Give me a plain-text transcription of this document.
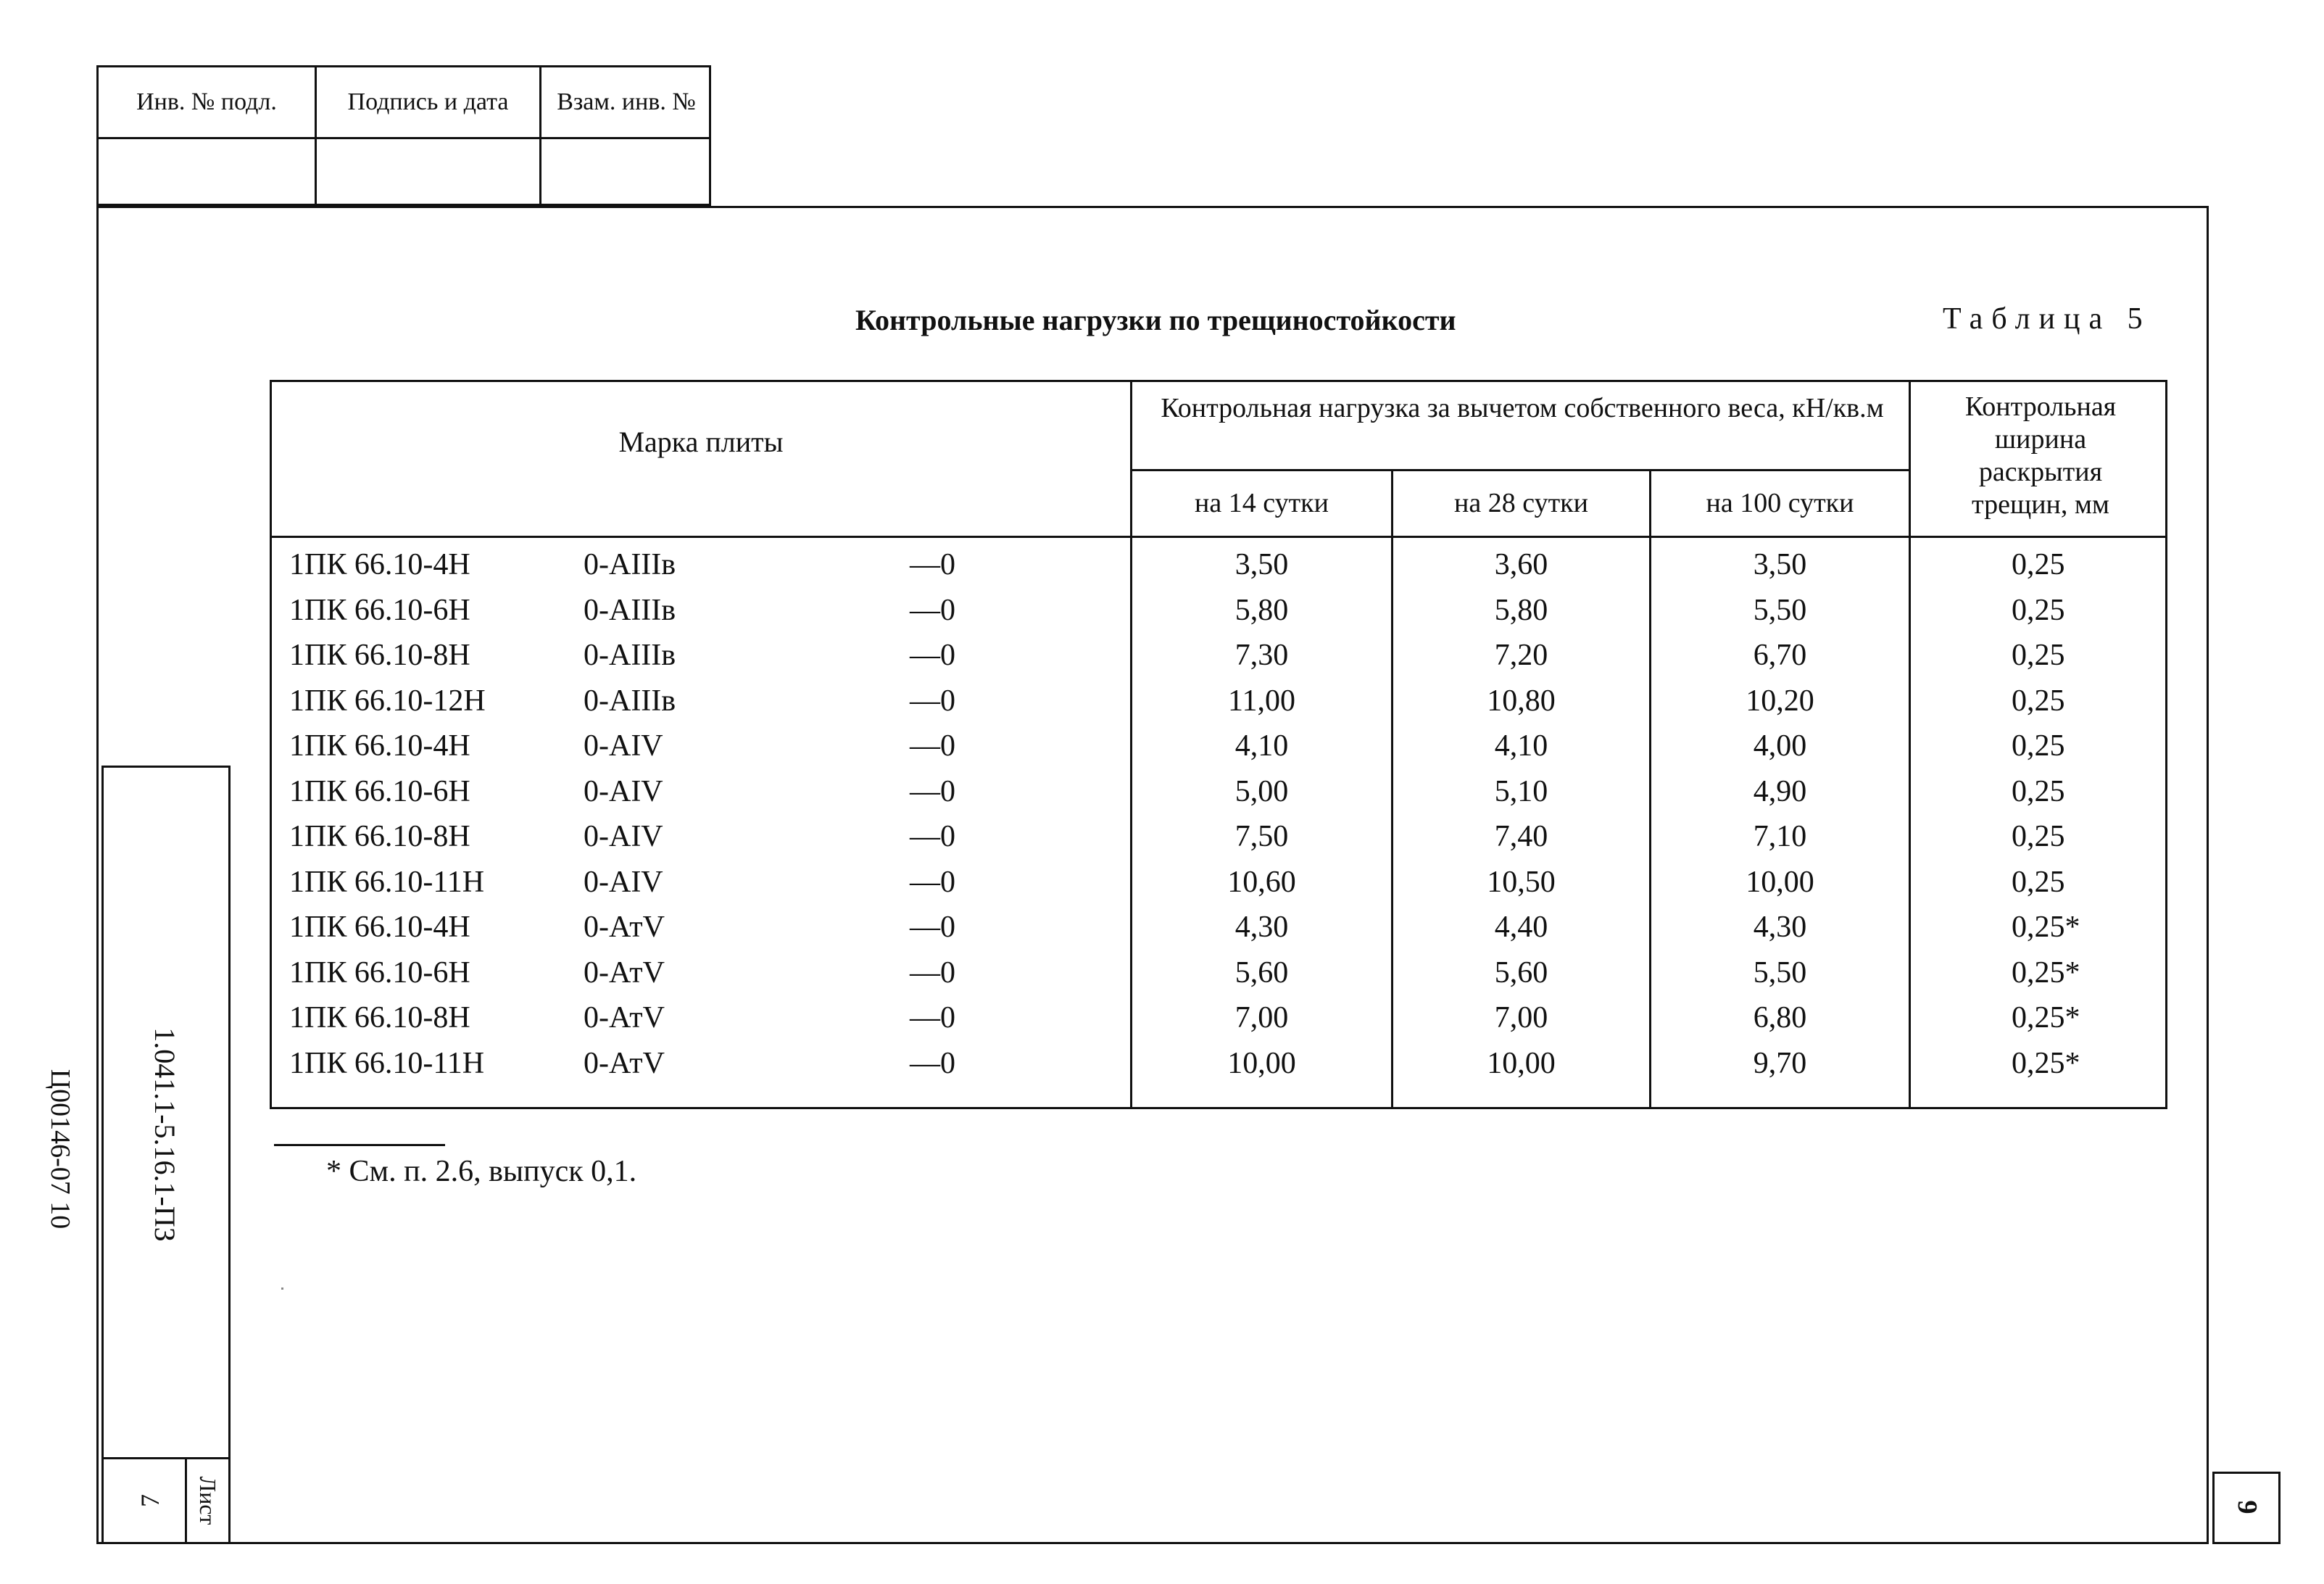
Инв. № подл.	Подпись и дата	Взам. инв. №
1.041.1-5.16.1-ПЗ
Ц00146-07 10
Лист
7	9
Контрольные нагрузки по трещиностойкости	Таблица 5
Марка плиты
Контрольная нагрузка за вычетом собственного веса, кН/кв.м
на 14 сутки	на 28 сутки	на 100 сутки
Контрольная ширина раскрытия трещин, мм
1ПК 66.10-4Н	0-АIIIв	—0	3,50	3,60	3,50	0,25
1ПК 66.10-6Н	0-АIIIв	—0	5,80	5,80	5,50	0,25
1ПК 66.10-8Н	0-АIIIв	—0	7,30	7,20	6,70	0,25
1ПК 66.10-12Н	0-АIIIв	—0	11,00	10,80	10,20	0,25
1ПК 66.10-4Н	0-АIV	—0	4,10	4,10	4,00	0,25
1ПК 66.10-6Н	0-АIV	—0	5,00	5,10	4,90	0,25
1ПК 66.10-8Н	0-АIV	—0	7,50	7,40	7,10	0,25
1ПК 66.10-11Н	0-АIV	—0	10,60	10,50	10,00	0,25
1ПК 66.10-4Н	0-АтV	—0	4,30	4,40	4,30	0,25*
1ПК 66.10-6Н	0-АтV	—0	5,60	5,60	5,50	0,25*
1ПК 66.10-8Н	0-АтV	—0	7,00	7,00	6,80	0,25*
1ПК 66.10-11Н	0-АтV	—0	10,00	10,00	9,70	0,25*
* См. п. 2.6, выпуск 0,1.
